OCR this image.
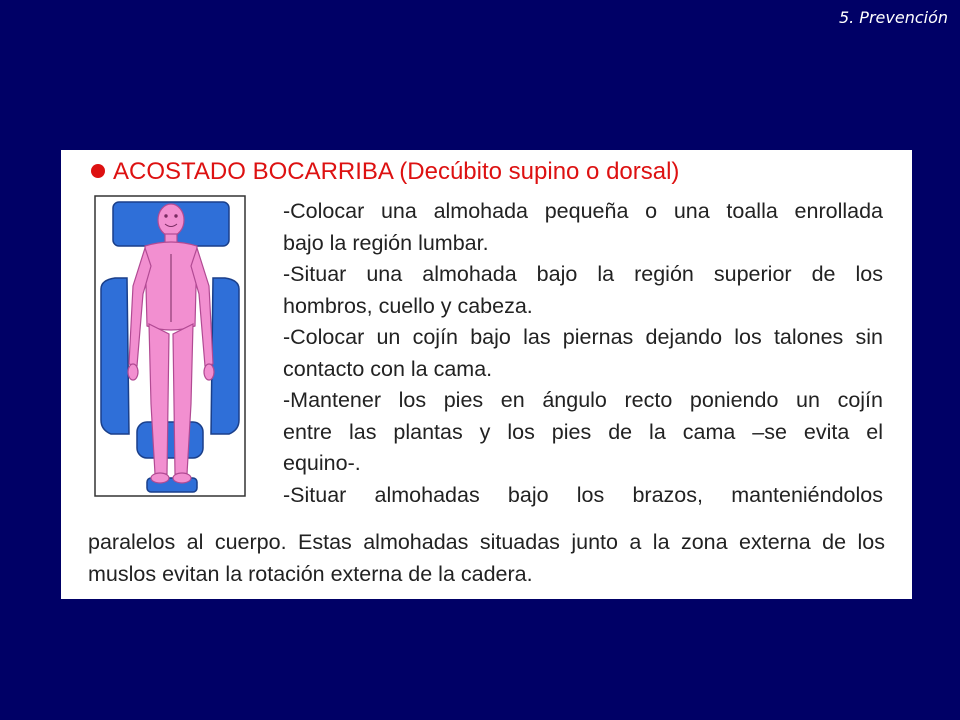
5. Prevención
ACOSTADO BOCARRIBA (Decúbito supino o dorsal)
-Colocar una almohada pequeña o una toalla enrollada
bajo la región lumbar.
-Situar una almohada bajo la región superior de los
hombros, cuello y cabeza.
-Colocar un cojín bajo las piernas dejando los talones sin
contacto con la cama.
-Mantener los pies en ángulo recto poniendo un cojín
entre las plantas y los pies de la cama –se evita el
equino-.
-Situar almohadas bajo los brazos, manteniéndolos
paralelos al cuerpo. Estas almohadas situadas junto a la zona externa de los
muslos evitan la rotación externa de la cadera.
